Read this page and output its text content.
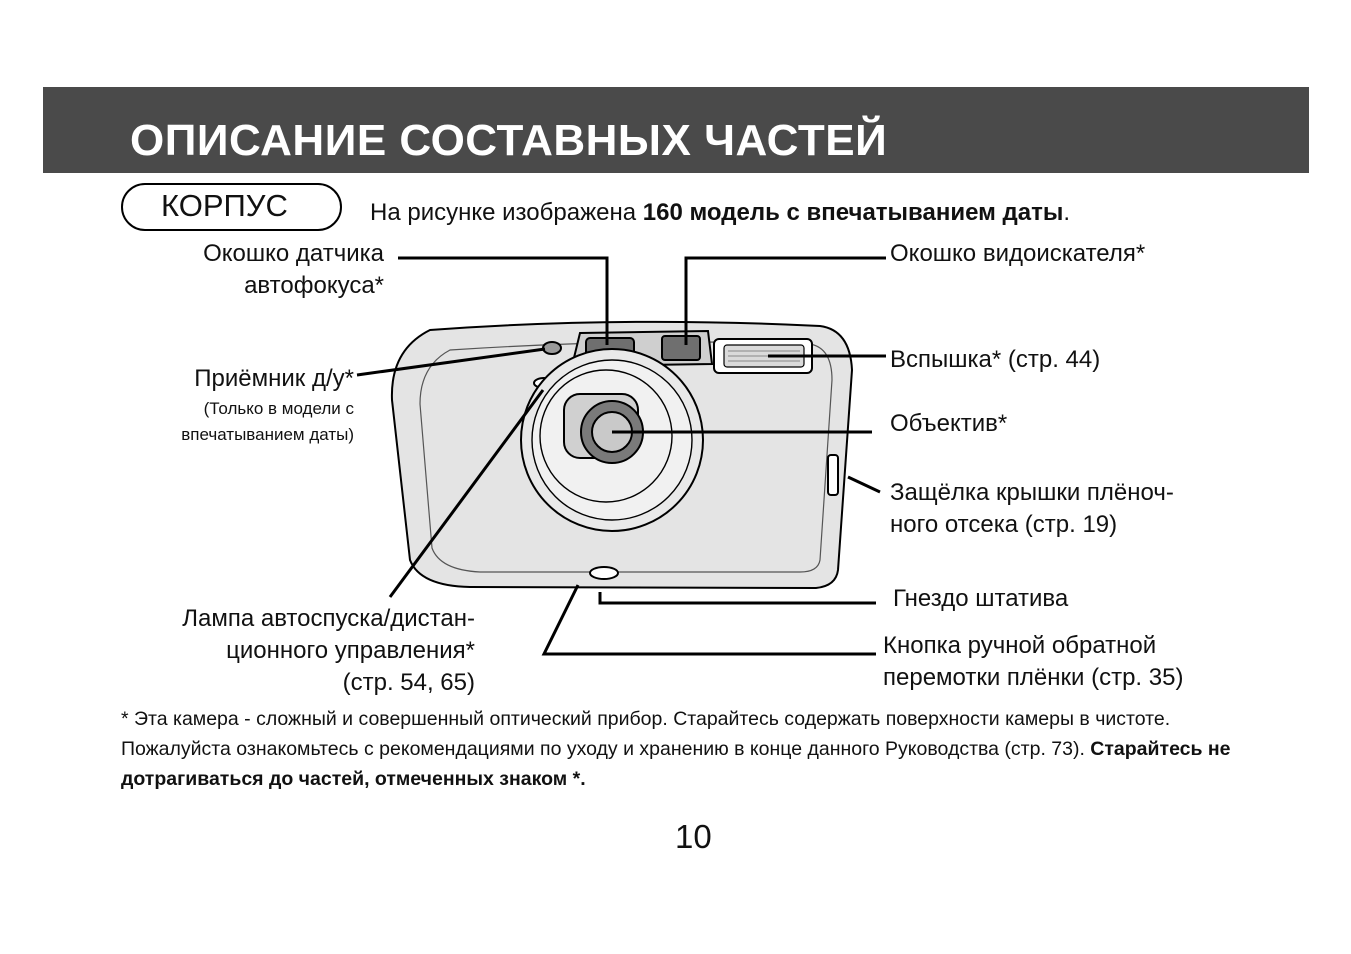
ОПИСАНИЕ СОСТАВНЫХ ЧАСТЕЙ
КОРПУС	На рисунке изображена 160 модель с впечатыванием даты.
Окошко датчика
автофокуса*
Окошко видоискателя*
Приёмник д/у*
(Только в модели с
впечатыванием даты)
Вспышка* (стр. 44)
Объектив*
Защёлка крышки плёноч-
ного отсека (стр. 19)
Гнездо штатива
Лампа автоспуска/дистан-
ционного управления*
(стр. 54, 65)
Кнопка ручной обратной
перемотки плёнки (стр. 35)
* Эта камера - сложный и совершенный оптический прибор. Старайтесь содержать поверхности камеры в чистоте. Пожалуйста ознакомьтесь с рекомендациями по уходу и хранению в конце данного Руководства (стр. 73). Старайтесь не дотрагиваться до частей, отмеченных знаком *.
10
